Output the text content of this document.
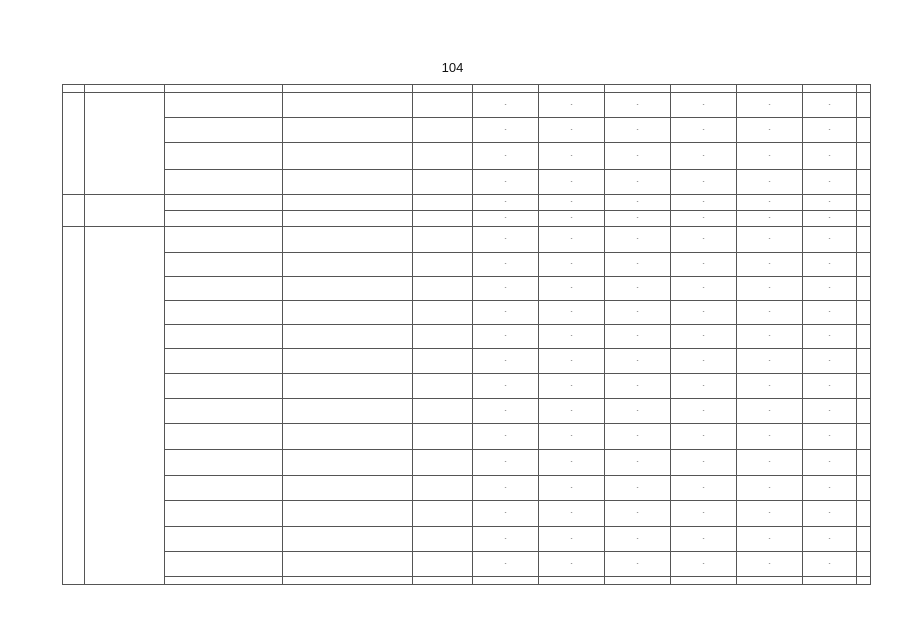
104

					-	-	-	-	-	-	
					-	-	-	-	-	-	
					-	-	-	-	-	-	
					-	-	-	-	-	-	
					-	-	-	-	-	-	
					-	-	-	-	-	-	
					-	-	-	-	-	-	
					-	-	-	-	-	-	
					-	-	-	-	-	-	
					-	-	-	-	-	-	
					-	-	-	-	-	-	
					-	-	-	-	-	-	
					-	-	-	-	-	-	
					-	-	-	-	-	-	
					-	-	-	-	-	-	
					-	-	-	-	-	-	
					-	-	-	-	-	-	
					-	-	-	-	-	-	
					-	-	-	-	-	-	
					-	-	-	-	-	-	
